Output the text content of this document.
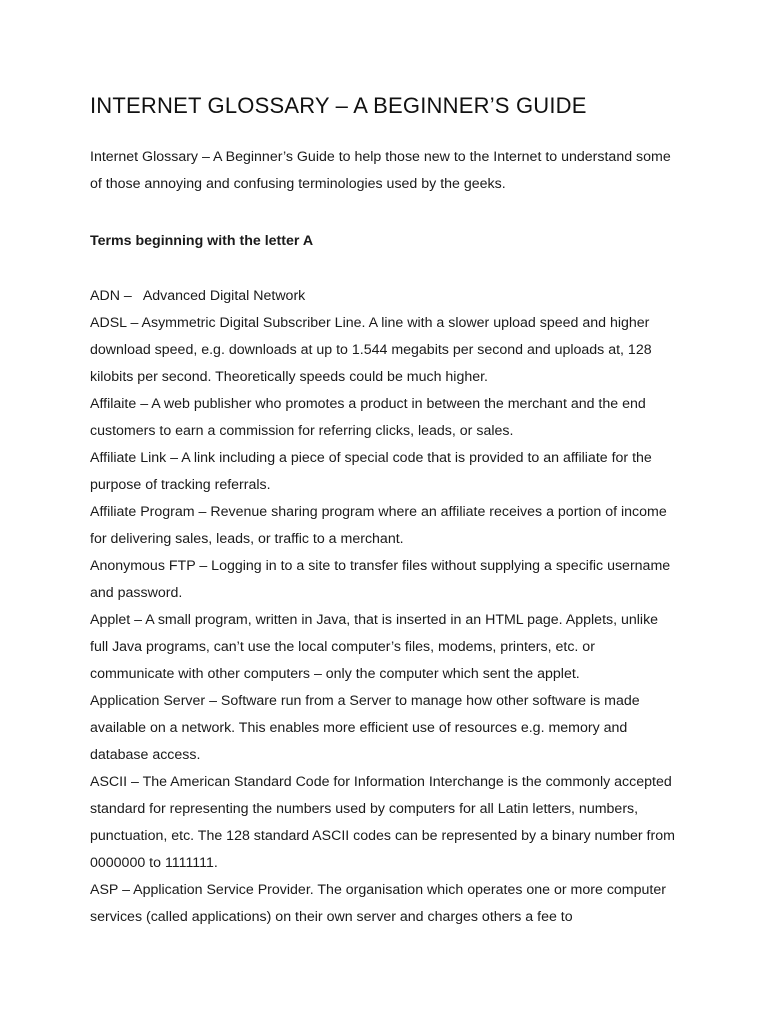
INTERNET GLOSSARY – A BEGINNER’S GUIDE

Internet Glossary – A Beginner’s Guide to help those new to the Internet to understand some of those annoying and confusing terminologies used by the geeks.

Terms beginning with the letter A

ADN –   Advanced Digital Network
ADSL – Asymmetric Digital Subscriber Line. A line with a slower upload speed and higher download speed, e.g. downloads at up to 1.544 megabits per second and uploads at, 128 kilobits per second. Theoretically speeds could be much higher.
Affilaite – A web publisher who promotes a product in between the merchant and the end customers to earn a commission for referring clicks, leads, or sales.
Affiliate Link – A link including a piece of special code that is provided to an affiliate for the purpose of tracking referrals.
Affiliate Program – Revenue sharing program where an affiliate receives a portion of income for delivering sales, leads, or traffic to a merchant.
Anonymous FTP – Logging in to a site to transfer files without supplying a specific username and password.
Applet – A small program, written in Java, that is inserted in an HTML page. Applets, unlike full Java programs, can’t use the local computer’s files, modems, printers, etc. or communicate with other computers – only the computer which sent the applet.
Application Server – Software run from a Server to manage how other software is made available on a network. This enables more efficient use of resources e.g. memory and database access.
ASCII – The American Standard Code for Information Interchange is the commonly accepted standard for representing the numbers used by computers for all Latin letters, numbers, punctuation, etc. The 128 standard ASCII codes can be represented by a binary number from 0000000 to 1111111.
ASP – Application Service Provider. The organisation which operates one or more computer services (called applications) on their own server and charges others a fee to
